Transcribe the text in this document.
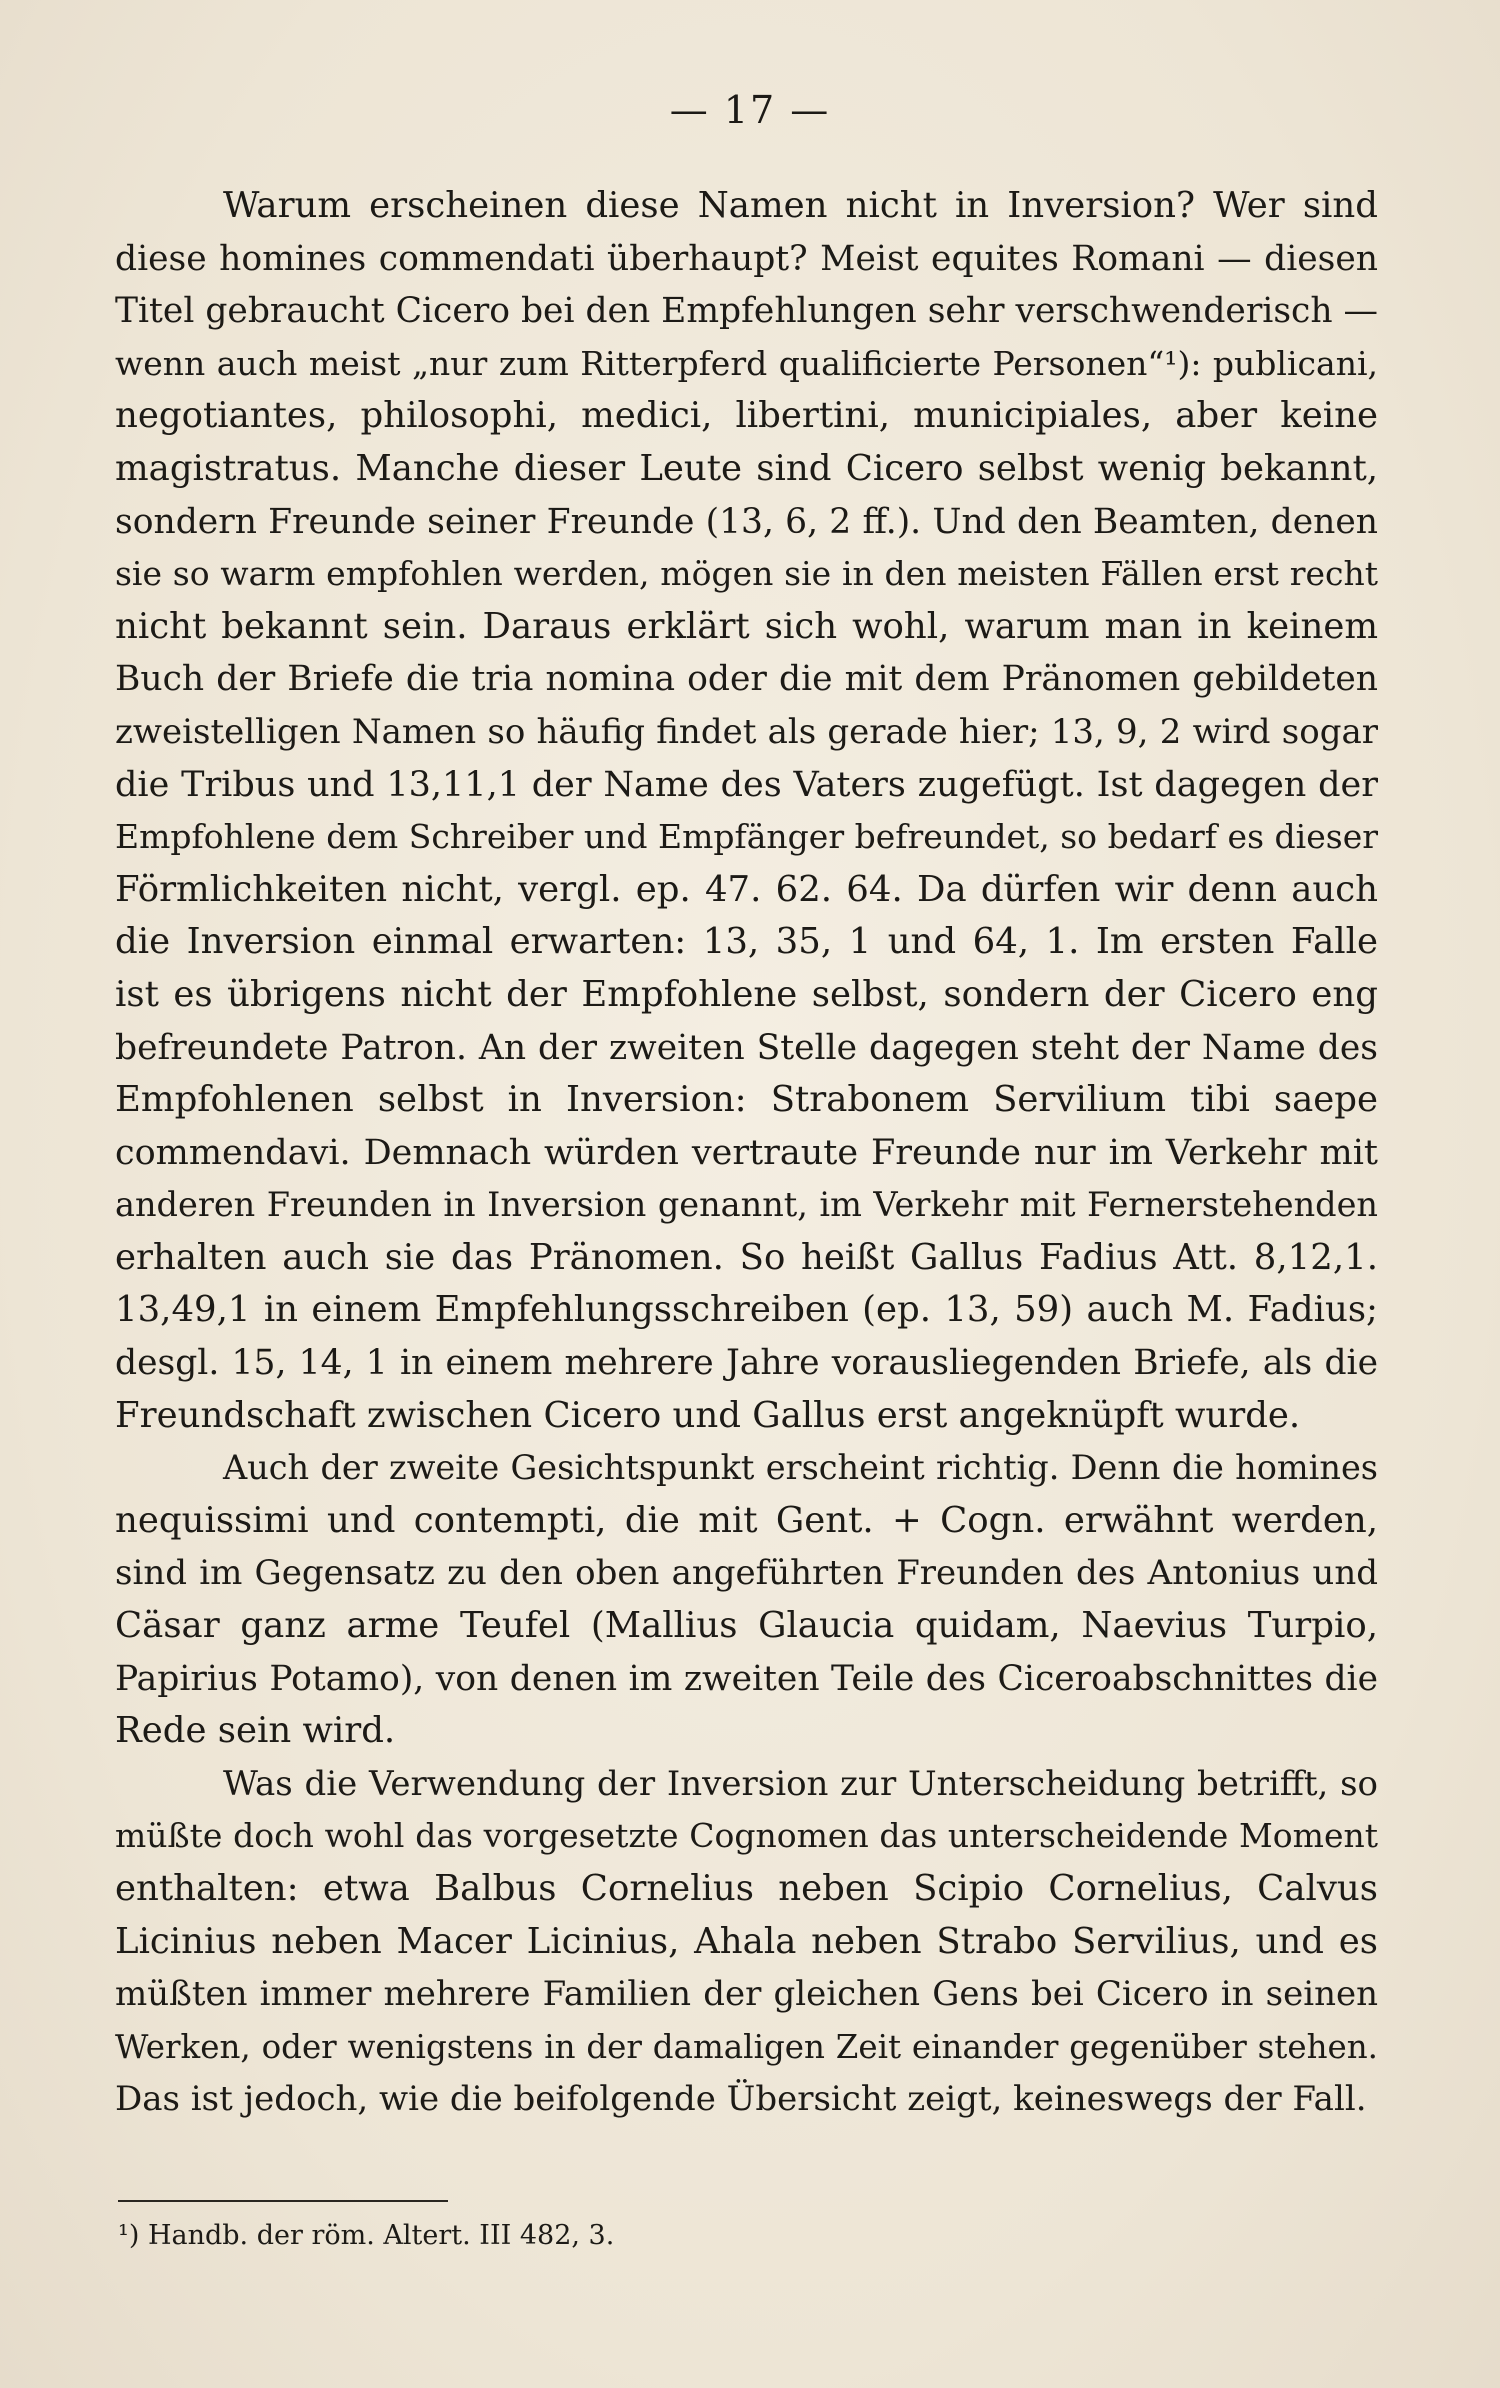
— 17 —
Warum erscheinen diese Namen nicht in Inversion? Wer sind
diese homines commendati überhaupt? Meist equites Romani — diesen
Titel gebraucht Cicero bei den Empfehlungen sehr verschwenderisch —
wenn auch meist „nur zum Ritterpferd qualificierte Personen“¹): publicani,
negotiantes, philosophi, medici, libertini, municipiales, aber keine
magistratus. Manche dieser Leute sind Cicero selbst wenig bekannt,
sondern Freunde seiner Freunde (13, 6, 2 ff.). Und den Beamten, denen
sie so warm empfohlen werden, mögen sie in den meisten Fällen erst recht
nicht bekannt sein. Daraus erklärt sich wohl, warum man in keinem
Buch der Briefe die tria nomina oder die mit dem Pränomen gebildeten
zweistelligen Namen so häufig findet als gerade hier; 13, 9, 2 wird sogar
die Tribus und 13,11,1 der Name des Vaters zugefügt. Ist dagegen der
Empfohlene dem Schreiber und Empfänger befreundet, so bedarf es dieser
Förmlichkeiten nicht, vergl. ep. 47. 62. 64. Da dürfen wir denn auch
die Inversion einmal erwarten: 13, 35, 1 und 64, 1. Im ersten Falle
ist es übrigens nicht der Empfohlene selbst, sondern der Cicero eng
befreundete Patron. An der zweiten Stelle dagegen steht der Name des
Empfohlenen selbst in Inversion: Strabonem Servilium tibi saepe
commendavi. Demnach würden vertraute Freunde nur im Verkehr mit
anderen Freunden in Inversion genannt, im Verkehr mit Fernerstehenden
erhalten auch sie das Pränomen. So heißt Gallus Fadius Att. 8,12,1.
13,49,1 in einem Empfehlungsschreiben (ep. 13, 59) auch M. Fadius;
desgl. 15, 14, 1 in einem mehrere Jahre vorausliegenden Briefe, als die
Freundschaft zwischen Cicero und Gallus erst angeknüpft wurde.
Auch der zweite Gesichtspunkt erscheint richtig. Denn die homines
nequissimi und contempti, die mit Gent. + Cogn. erwähnt werden,
sind im Gegensatz zu den oben angeführten Freunden des Antonius und
Cäsar ganz arme Teufel (Mallius Glaucia quidam, Naevius Turpio,
Papirius Potamo), von denen im zweiten Teile des Ciceroabschnittes die
Rede sein wird.
Was die Verwendung der Inversion zur Unterscheidung betrifft, so
müßte doch wohl das vorgesetzte Cognomen das unterscheidende Moment
enthalten: etwa Balbus Cornelius neben Scipio Cornelius, Calvus
Licinius neben Macer Licinius, Ahala neben Strabo Servilius, und es
müßten immer mehrere Familien der gleichen Gens bei Cicero in seinen
Werken, oder wenigstens in der damaligen Zeit einander gegenüber stehen.
Das ist jedoch, wie die beifolgende Übersicht zeigt, keineswegs der Fall.
¹) Handb. der röm. Altert. III 482, 3.
